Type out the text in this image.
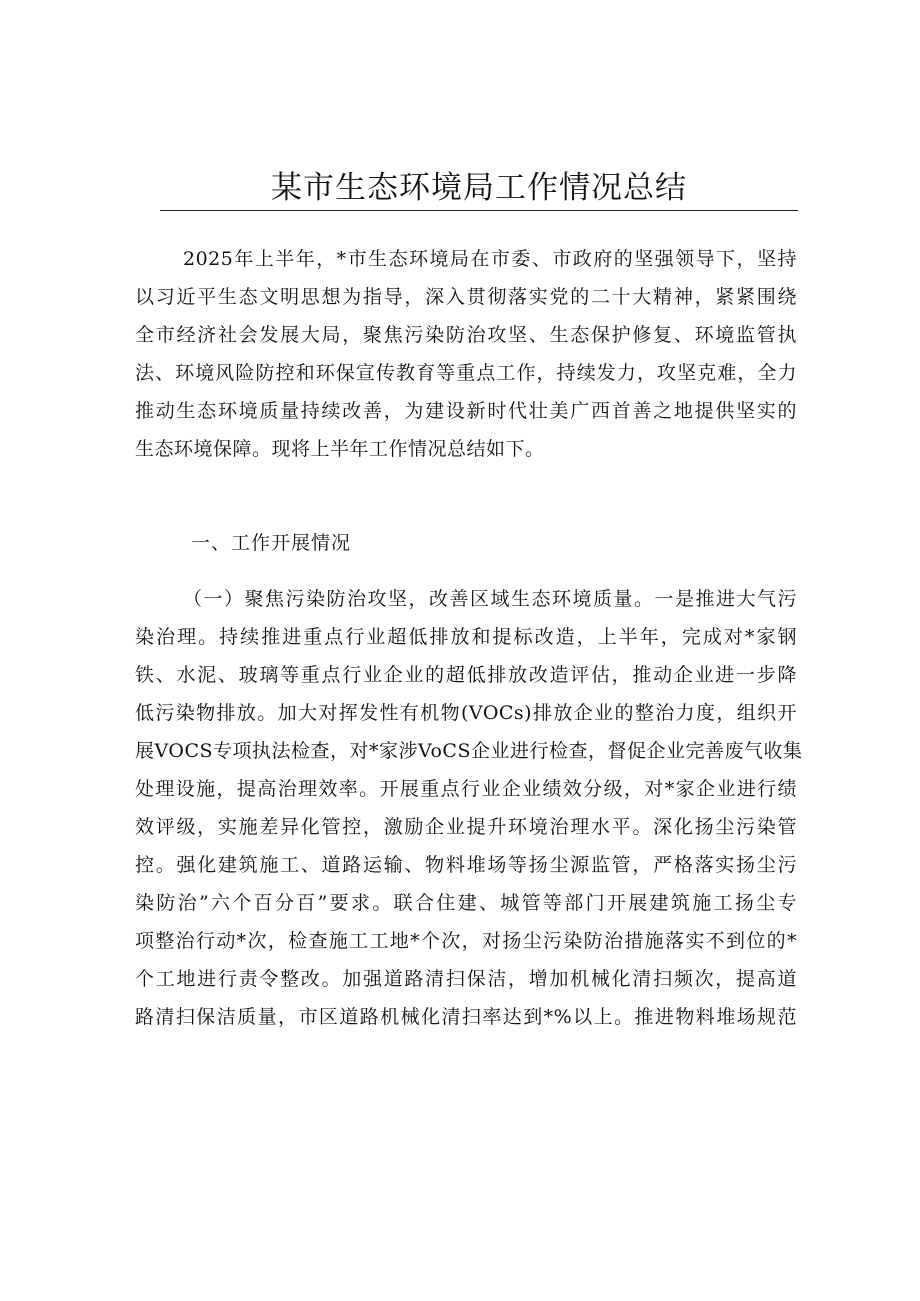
某市生态环境局工作情况总结
2025年上半年，*市生态环境局在市委、市政府的坚强领导下，坚持
以习近平生态文明思想为指导，深入贯彻落实党的二十大精神，紧紧围绕
全市经济社会发展大局，聚焦污染防治攻坚、生态保护修复、环境监管执
法、环境风险防控和环保宣传教育等重点工作，持续发力，攻坚克难，全力
推动生态环境质量持续改善，为建设新时代壮美广西首善之地提供坚实的
生态环境保障。现将上半年工作情况总结如下。
一、工作开展情况
（一）聚焦污染防治攻坚，改善区域生态环境质量。一是推进大气污
染治理。持续推进重点行业超低排放和提标改造，上半年，完成对*家钢
铁、水泥、玻璃等重点行业企业的超低排放改造评估，推动企业进一步降
低污染物排放。加大对挥发性有机物(VOCs)排放企业的整治力度，组织开
展VOCS专项执法检查，对*家涉VoCS企业进行检查，督促企业完善废气收集
处理设施，提高治理效率。开展重点行业企业绩效分级，对*家企业进行绩
效评级，实施差异化管控，激励企业提升环境治理水平。深化扬尘污染管
控。强化建筑施工、道路运输、物料堆场等扬尘源监管，严格落实扬尘污
染防治”六个百分百”要求。联合住建、城管等部门开展建筑施工扬尘专
项整治行动*次，检查施工工地*个次，对扬尘污染防治措施落实不到位的*
个工地进行责令整改。加强道路清扫保洁，增加机械化清扫频次，提高道
路清扫保洁质量，市区道路机械化清扫率达到*%以上。推进物料堆场规范
